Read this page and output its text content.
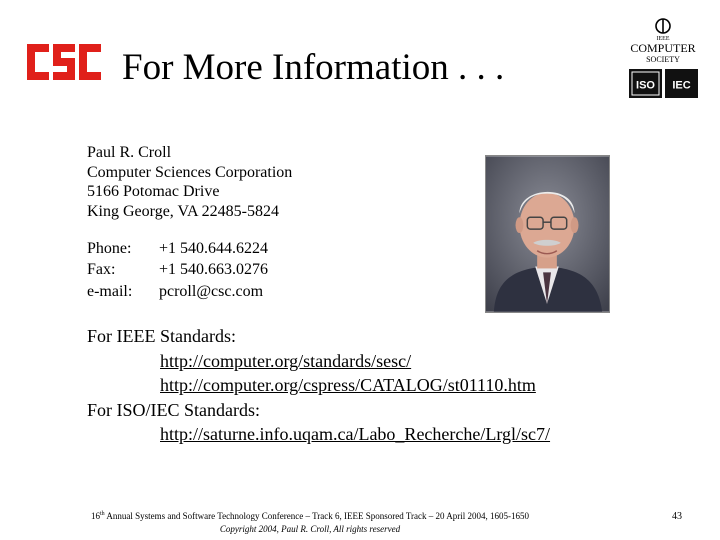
For More Information . . .
IEEE
COMPUTER
SOCIETY
ISO IEC
Paul R. Croll
Computer Sciences Corporation
5166 Potomac Drive
King George, VA 22485-5824
Phone: +1 540.644.6224
Fax:	+1 540.663.0276
e-mail: pcroll@csc.com
For IEEE Standards:
http://computer.org/standards/sesc/
http://computer.org/cspress/CATALOG/st01110.htm
For ISO/IEC Standards:
http://saturne.info.uqam.ca/Labo_Recherche/Lrgl/sc7/
16th Annual Systems and Software Technology Conference – Track 6, IEEE Sponsored Track – 20 April 2004, 1605-1650
Copyright 2004, Paul R. Croll, All rights reserved
43
